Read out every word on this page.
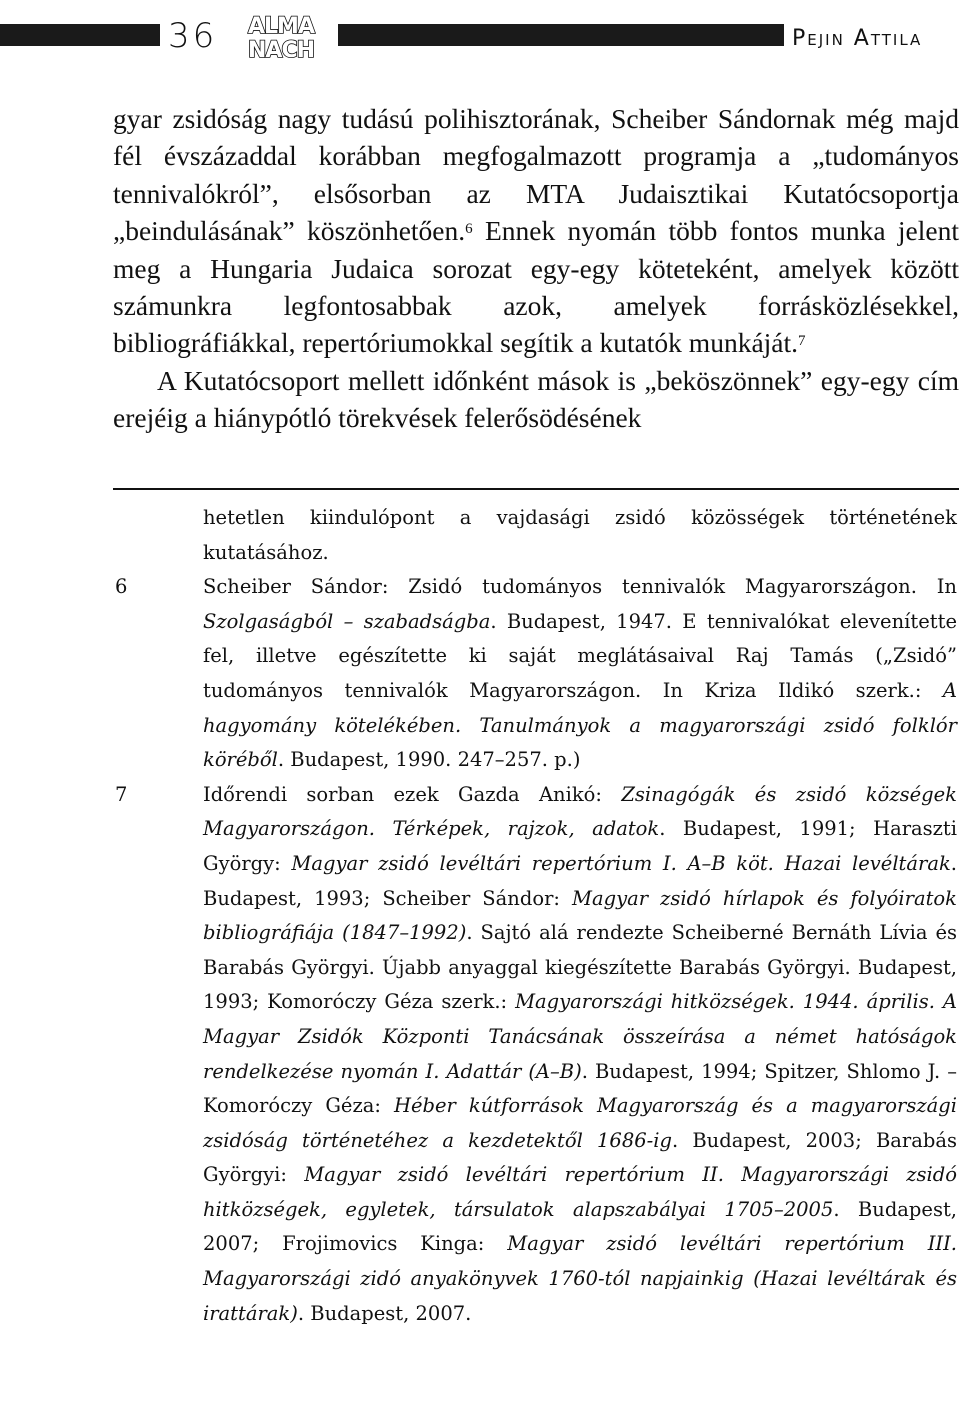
36 ALMA
NACH	Pejin Attila

gyar zsidóság nagy tudású polihisztorának, Scheiber Sándornak még majd fél évszázaddal korábban megfogalmazott programja a „tudományos tennivalókról”, elsősorban az MTA Judaisztikai Kutatócsoportja „beindulásának” köszönhetően.$^6$ Ennek nyomán több fontos munka jelent meg a Hungaria Judaica sorozat egy-egy köteteként, amelyek között számunkra legfontosabbak azok, amelyek forrásközlésekkel, bibliográfiákkal, repertóriumokkal segítik a kutatók munkáját.$^7$

A Kutatócsoport mellett időnként mások is „beköszönnek” egy-egy cím erejéig a hiánypótló törekvések felerősödésének

hetetlen kiindulópont a vajdasági zsidó közösségek történetének kutatásához.
6	Scheiber Sándor: Zsidó tudományos tennivalók Magyarországon. In Szolgaságból – szabadságba. Budapest, 1947. E tennivalókat elevenítette fel, illetve egészítette ki saját meglátásaival Raj Tamás („Zsidó” tudományos tennivalók Magyarországon. In Kriza Ildikó szerk.: A hagyomány kötelékében. Tanulmányok a magyarországi zsidó folklór köréből. Budapest, 1990. 247–257. p.)
7	Időrendi sorban ezek Gazda Anikó: Zsinagógák és zsidó községek Magyarországon. Térképek, rajzok, adatok. Budapest, 1991; Haraszti György: Magyar zsidó levéltári repertórium I. A–B köt. Hazai levéltárak. Budapest, 1993; Scheiber Sándor: Magyar zsidó hírlapok és folyóiratok bibliográfiája (1847–1992). Sajtó alá rendezte Scheiberné Bernáth Lívia és Barabás Györgyi. Újabb anyaggal kiegészítette Barabás Györgyi. Budapest, 1993; Komoróczy Géza szerk.: Magyarországi hitközségek. 1944. április. A Magyar Zsidók Központi Tanácsának összeírása a német hatóságok rendelkezése nyomán I. Adattár (A–B). Budapest, 1994; Spitzer, Shlomo J. – Komoróczy Géza: Héber kútforrások Magyarország és a magyarországi zsidóság történetéhez a kezdetektől 1686-ig. Budapest, 2003; Barabás Györgyi: Magyar zsidó levéltári repertórium II. Magyarországi zsidó hitközségek, egyletek, társulatok alapszabályai 1705–2005. Budapest, 2007; Frojimovics Kinga: Magyar zsidó levéltári repertórium III. Magyarországi zidó anyakönyvek 1760-tól napjainkig (Hazai levéltárak és irattárak). Budapest, 2007.
